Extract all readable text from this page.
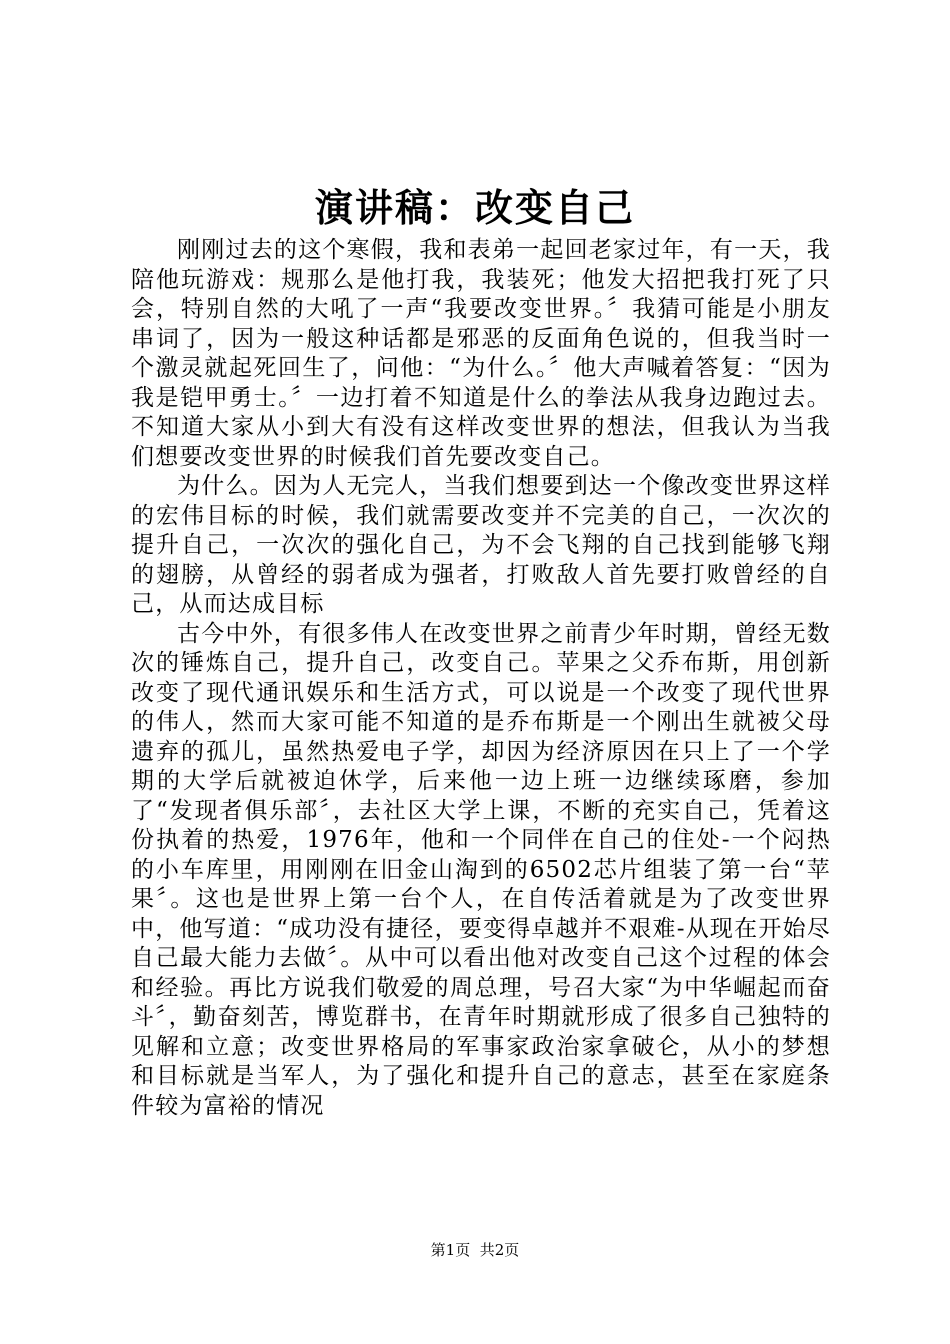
演讲稿：改变自己

刚刚过去的这个寒假，我和表弟一起回老家过年，有一天，我陪他玩游戏：规那么是他打我，我装死；他发大招把我打死了只会，特别自然的大吼了一声“我要改变世界。〞我猜可能是小朋友串词了，因为一般这种话都是邪恶的反面角色说的，但我当时一个激灵就起死回生了，问他：“为什么。〞他大声喊着答复：“因为我是铠甲勇士。〞一边打着不知道是什么的拳法从我身边跑过去。不知道大家从小到大有没有这样改变世界的想法，但我认为当我们想要改变世界的时候我们首先要改变自己。

为什么。因为人无完人，当我们想要到达一个像改变世界这样的宏伟目标的时候，我们就需要改变并不完美的自己，一次次的提升自己，一次次的强化自己，为不会飞翔的自己找到能够飞翔的翅膀，从曾经的弱者成为强者，打败敌人首先要打败曾经的自己，从而达成目标

古今中外，有很多伟人在改变世界之前青少年时期，曾经无数次的锤炼自己，提升自己，改变自己。苹果之父乔布斯，用创新改变了现代通讯娱乐和生活方式，可以说是一个改变了现代世界的伟人，然而大家可能不知道的是乔布斯是一个刚出生就被父母遗弃的孤儿，虽然热爱电子学，却因为经济原因在只上了一个学期的大学后就被迫休学，后来他一边上班一边继续琢磨，参加了“发现者俱乐部〞，去社区大学上课，不断的充实自己，凭着这份执着的热爱，1976年，他和一个同伴在自己的住处-一个闷热的小车库里，用刚刚在旧金山淘到的6502芯片组装了第一台“苹果〞。这也是世界上第一台个人，在自传活着就是为了改变世界中，他写道：“成功没有捷径，要变得卓越并不艰难-从现在开始尽自己最大能力去做〞。从中可以看出他对改变自己这个过程的体会和经验。再比方说我们敬爱的周总理，号召大家“为中华崛起而奋斗〞，勤奋刻苦，博览群书，在青年时期就形成了很多自己独特的见解和立意；改变世界格局的军事家政治家拿破仑，从小的梦想和目标就是当军人，为了强化和提升自己的意志，甚至在家庭条件较为富裕的情况

第1页 共2页
